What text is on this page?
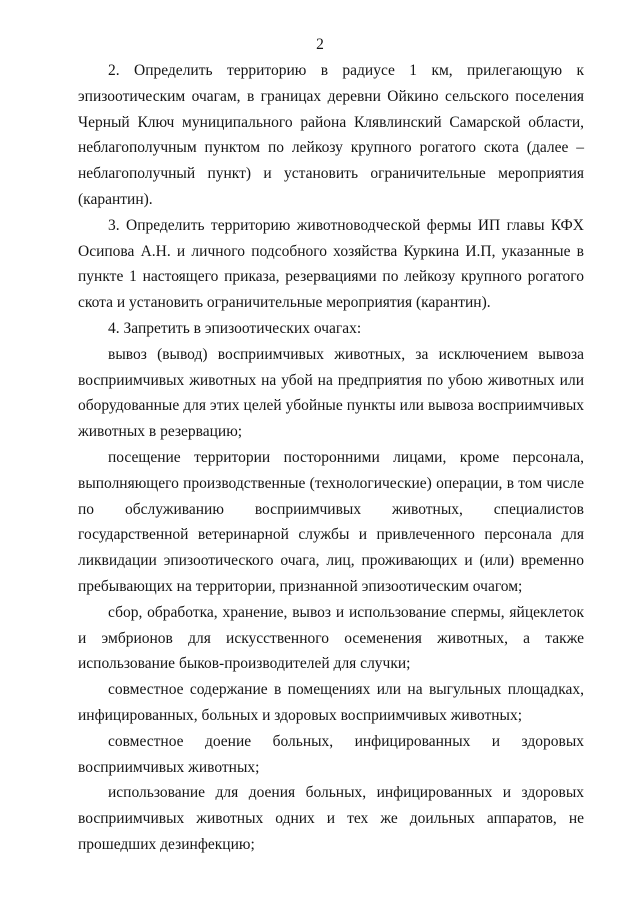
2

2. Определить территорию в радиусе 1 км, прилегающую к эпизоотическим очагам, в границах деревни Ойкино сельского поселения Черный Ключ муниципального района Клявлинский Самарской области, неблагополучным пунктом по лейкозу крупного рогатого скота (далее – неблагополучный пункт) и установить ограничительные мероприятия (карантин).

3. Определить территорию животноводческой фермы ИП главы КФХ Осипова А.Н. и личного подсобного хозяйства Куркина И.П, указанные в пункте 1 настоящего приказа, резервациями по лейкозу крупного рогатого скота и установить ограничительные мероприятия (карантин).

4. Запретить в эпизоотических очагах:

вывоз (вывод) восприимчивых животных, за исключением вывоза восприимчивых животных на убой на предприятия по убою животных или оборудованные для этих целей убойные пункты или вывоза восприимчивых животных в резервацию;

посещение территории посторонними лицами, кроме персонала, выполняющего производственные (технологические) операции, в том числе по обслуживанию восприимчивых животных, специалистов государственной ветеринарной службы и привлеченного персонала для ликвидации эпизоотического очага, лиц, проживающих и (или) временно пребывающих на территории, признанной эпизоотическим очагом;

сбор, обработка, хранение, вывоз и использование спермы, яйцеклеток и эмбрионов для искусственного осеменения животных, а также использование быков-производителей для случки;

совместное содержание в помещениях или на выгульных площадках, инфицированных, больных и здоровых восприимчивых животных;

совместное доение больных, инфицированных и здоровых восприимчивых животных;

использование для доения больных, инфицированных и здоровых восприимчивых животных одних и тех же доильных аппаратов, не прошедших дезинфекцию;
